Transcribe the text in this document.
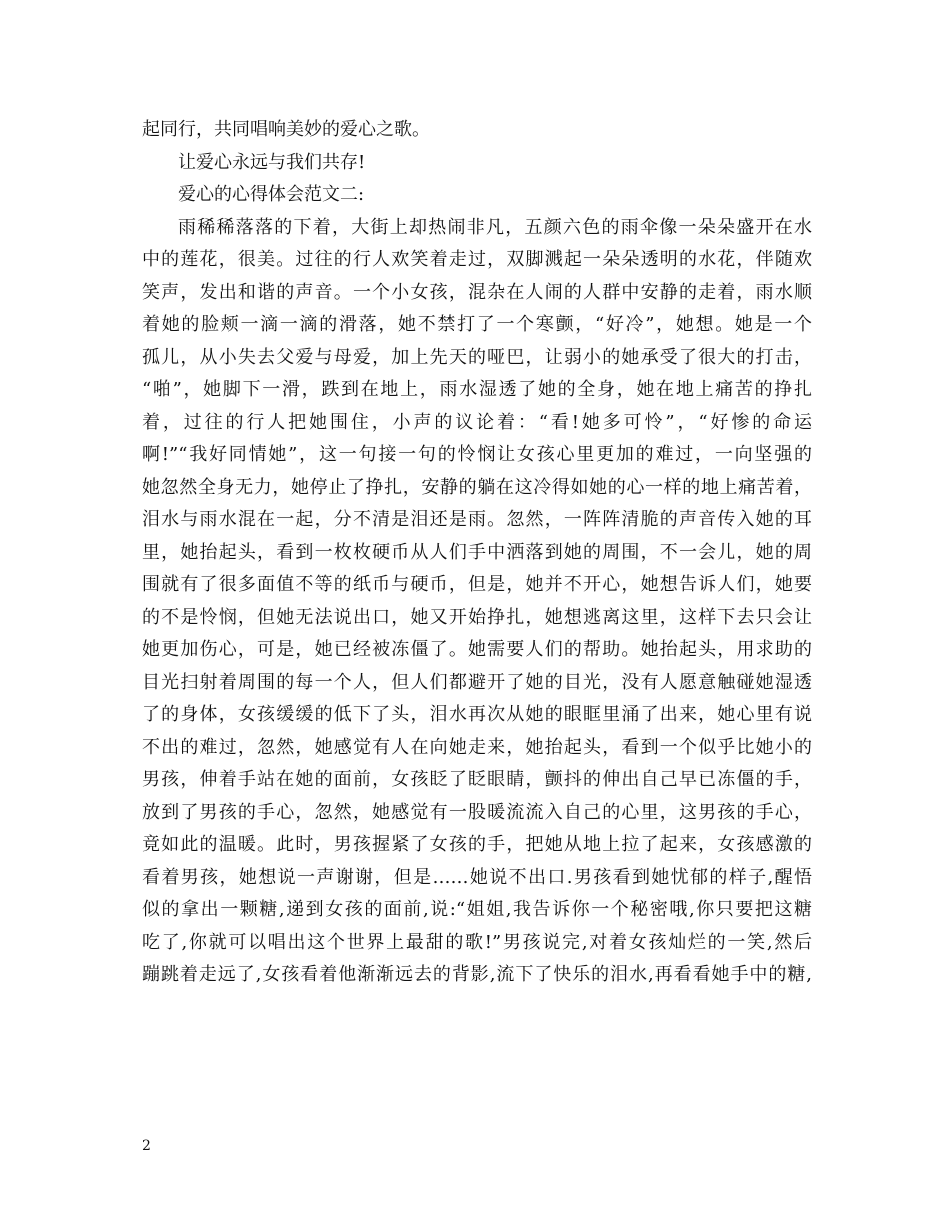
起同行，共同唱响美妙的爱心之歌。
让爱心永远与我们共存!
爱心的心得体会范文二:
雨稀稀落落的下着，大街上却热闹非凡，五颜六色的雨伞像一朵朵盛开在水
中的莲花，很美。过往的行人欢笑着走过，双脚溅起一朵朵透明的水花，伴随欢
笑声，发出和谐的声音。一个小女孩，混杂在人闹的人群中安静的走着，雨水顺
着她的脸颊一滴一滴的滑落，她不禁打了一个寒颤，“好冷”，她想。她是一个
孤儿，从小失去父爱与母爱，加上先天的哑巴，让弱小的她承受了很大的打击，
“啪”，她脚下一滑，跌到在地上，雨水湿透了她的全身，她在地上痛苦的挣扎
着，过往的行人把她围住，小声的议论着：“看!她多可怜”，“好惨的命运
啊!”“我好同情她”，这一句接一句的怜悯让女孩心里更加的难过，一向坚强的
她忽然全身无力，她停止了挣扎，安静的躺在这冷得如她的心一样的地上痛苦着，
泪水与雨水混在一起，分不清是泪还是雨。忽然，一阵阵清脆的声音传入她的耳
里，她抬起头，看到一枚枚硬币从人们手中洒落到她的周围，不一会儿，她的周
围就有了很多面值不等的纸币与硬币，但是，她并不开心，她想告诉人们，她要
的不是怜悯，但她无法说出口，她又开始挣扎，她想逃离这里，这样下去只会让
她更加伤心，可是，她已经被冻僵了。她需要人们的帮助。她抬起头，用求助的
目光扫射着周围的每一个人，但人们都避开了她的目光，没有人愿意触碰她湿透
了的身体，女孩缓缓的低下了头，泪水再次从她的眼眶里涌了出来，她心里有说
不出的难过，忽然，她感觉有人在向她走来，她抬起头，看到一个似乎比她小的
男孩，伸着手站在她的面前，女孩眨了眨眼睛，颤抖的伸出自己早已冻僵的手，
放到了男孩的手心，忽然，她感觉有一股暖流流入自己的心里，这男孩的手心，
竟如此的温暖。此时，男孩握紧了女孩的手，把她从地上拉了起来，女孩感激的
看着男孩，她想说一声谢谢，但是……她说不出口.男孩看到她忧郁的样子,醒悟
似的拿出一颗糖,递到女孩的面前,说:“姐姐,我告诉你一个秘密哦,你只要把这糖
吃了,你就可以唱出这个世界上最甜的歌!”男孩说完,对着女孩灿烂的一笑,然后
蹦跳着走远了,女孩看着他渐渐远去的背影,流下了快乐的泪水,再看看她手中的糖,
2
